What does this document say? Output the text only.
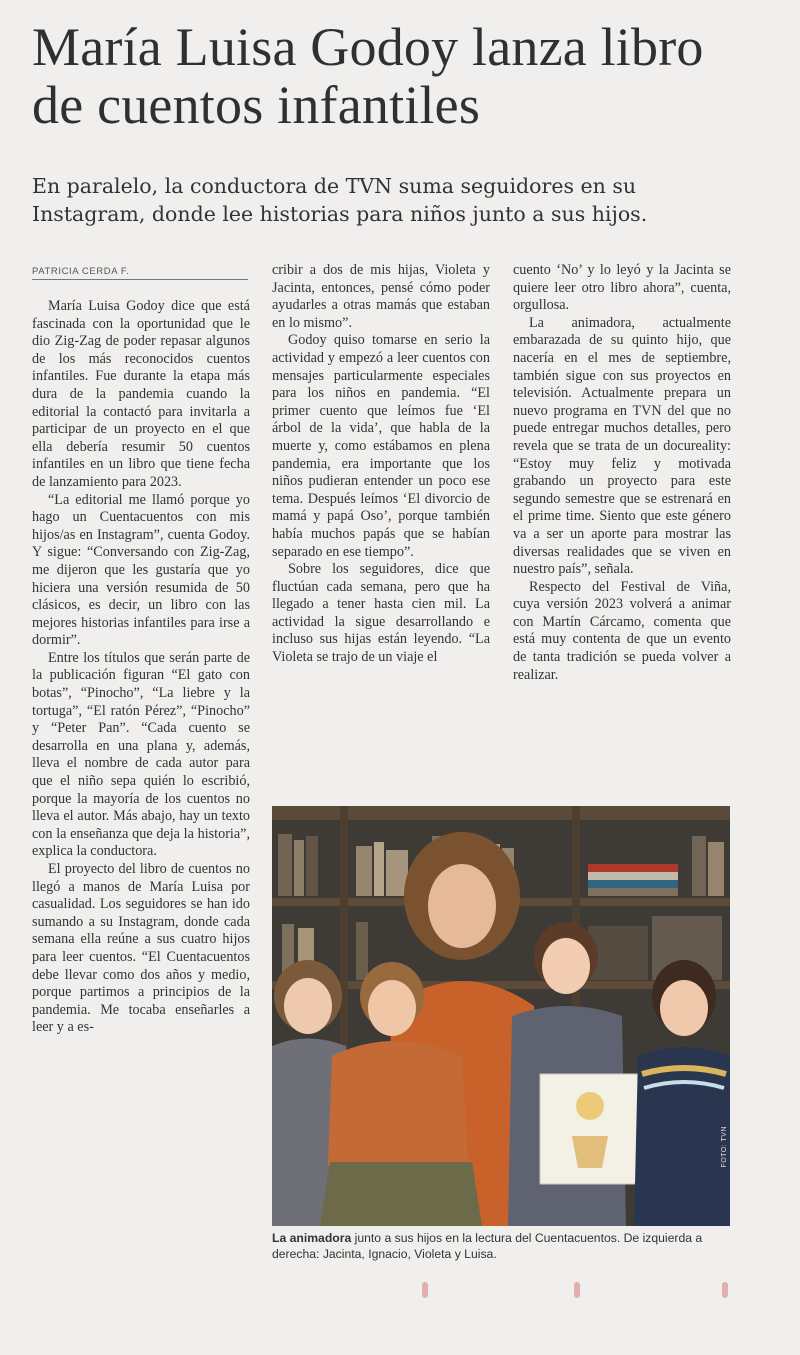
María Luisa Godoy lanza libro de cuentos infantiles

En paralelo, la conductora de TVN suma seguidores en su Instagram, donde lee historias para niños junto a sus hijos.

PATRICIA CERDA F.

María Luisa Godoy dice que está fascinada con la oportunidad que le dio Zig-Zag de poder repasar algunos de los más reconocidos cuentos infantiles. Fue durante la etapa más dura de la pandemia cuando la editorial la contactó para invitarla a participar de un proyecto en el que ella debería resumir 50 cuentos infantiles en un libro que tiene fecha de lanzamiento para 2023.

“La editorial me llamó porque yo hago un Cuentacuentos con mis hijos/as en Instagram”, cuenta Godoy. Y sigue: “Conversando con Zig-Zag, me dijeron que les gustaría que yo hiciera una versión resumida de 50 clásicos, es decir, un libro con las mejores historias infantiles para irse a dormir”.

Entre los títulos que serán parte de la publicación figuran “El gato con botas”, “Pinocho”, “La liebre y la tortuga”, “El ratón Pérez”, “Pinocho” y “Peter Pan”. “Cada cuento se desarrolla en una plana y, además, lleva el nombre de cada autor para que el niño sepa quién lo escribió, porque la mayoría de los cuentos no lleva el autor. Más abajo, hay un texto con la enseñanza que deja la historia”, explica la conductora.

El proyecto del libro de cuentos no llegó a manos de María Luisa por casualidad. Los seguidores se han ido sumando a su Instagram, donde cada semana ella reúne a sus cuatro hijos para leer cuentos. “El Cuentacuentos debe llevar como dos años y medio, porque partimos a principios de la pandemia. Me tocaba enseñarles a leer y a es-

cribir a dos de mis hijas, Violeta y Jacinta, entonces, pensé cómo poder ayudarles a otras mamás que estaban en lo mismo”.

Godoy quiso tomarse en serio la actividad y empezó a leer cuentos con mensajes particularmente especiales para los niños en pandemia. “El primer cuento que leímos fue ‘El árbol de la vida’, que habla de la muerte y, como estábamos en plena pandemia, era importante que los niños pudieran entender un poco ese tema. Después leímos ‘El divorcio de mamá y papá Oso’, porque también había muchos papás que se habían separado en ese tiempo”.

Sobre los seguidores, dice que fluctúan cada semana, pero que ha llegado a tener hasta cien mil. La actividad la sigue desarrollando e incluso sus hijas están leyendo. “La Violeta se trajo de un viaje el

cuento ‘No’ y lo leyó y la Jacinta se quiere leer otro libro ahora”, cuenta, orgullosa.

La animadora, actualmente embarazada de su quinto hijo, que nacería en el mes de septiembre, también sigue con sus proyectos en televisión. Actualmente prepara un nuevo programa en TVN del que no puede entregar muchos detalles, pero revela que se trata de un docureality: “Estoy muy feliz y motivada grabando un proyecto para este segundo semestre que se estrenará en el prime time. Siento que este género va a ser un aporte para mostrar las diversas realidades que se viven en nuestro país”, señala.

Respecto del Festival de Viña, cuya versión 2023 volverá a animar con Martín Cárcamo, comenta que está muy contenta de que un evento de tanta tradición se pueda volver a realizar.

FOTO: TVN

La animadora junto a sus hijos en la lectura del Cuentacuentos. De izquierda a derecha: Jacinta, Ignacio, Violeta y Luisa.
